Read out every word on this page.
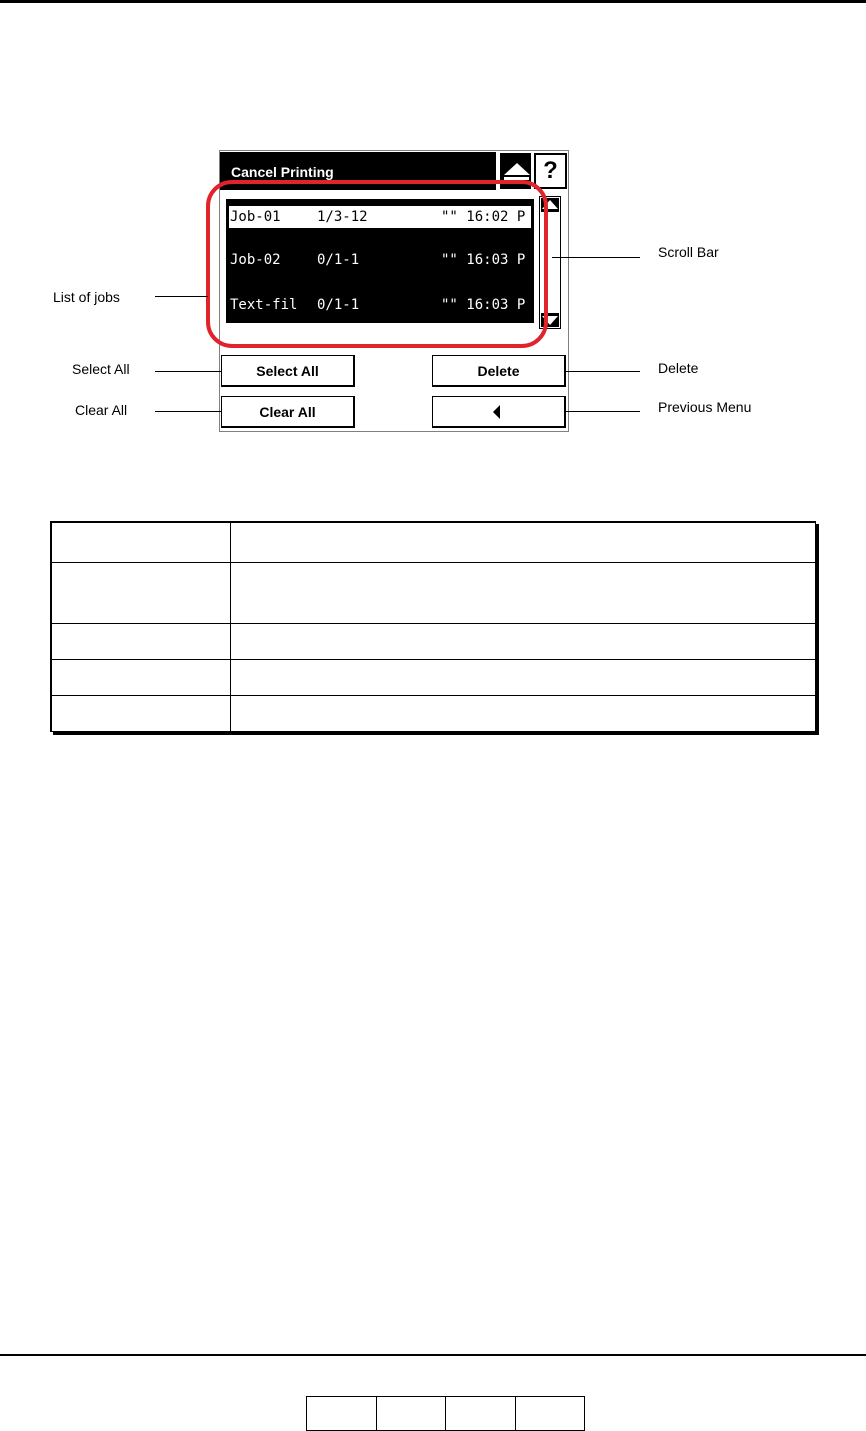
Cancel Printing	?
Job-01	1/3-12	"" 16:02 P
Job-02	0/1-1	"" 16:03 P
Text-fil 0/1-1	"" 16:03 P
Select All
Clear All
Delete
List of jobs
Select All
Clear All
Scroll Bar
Delete
Previous Menu
